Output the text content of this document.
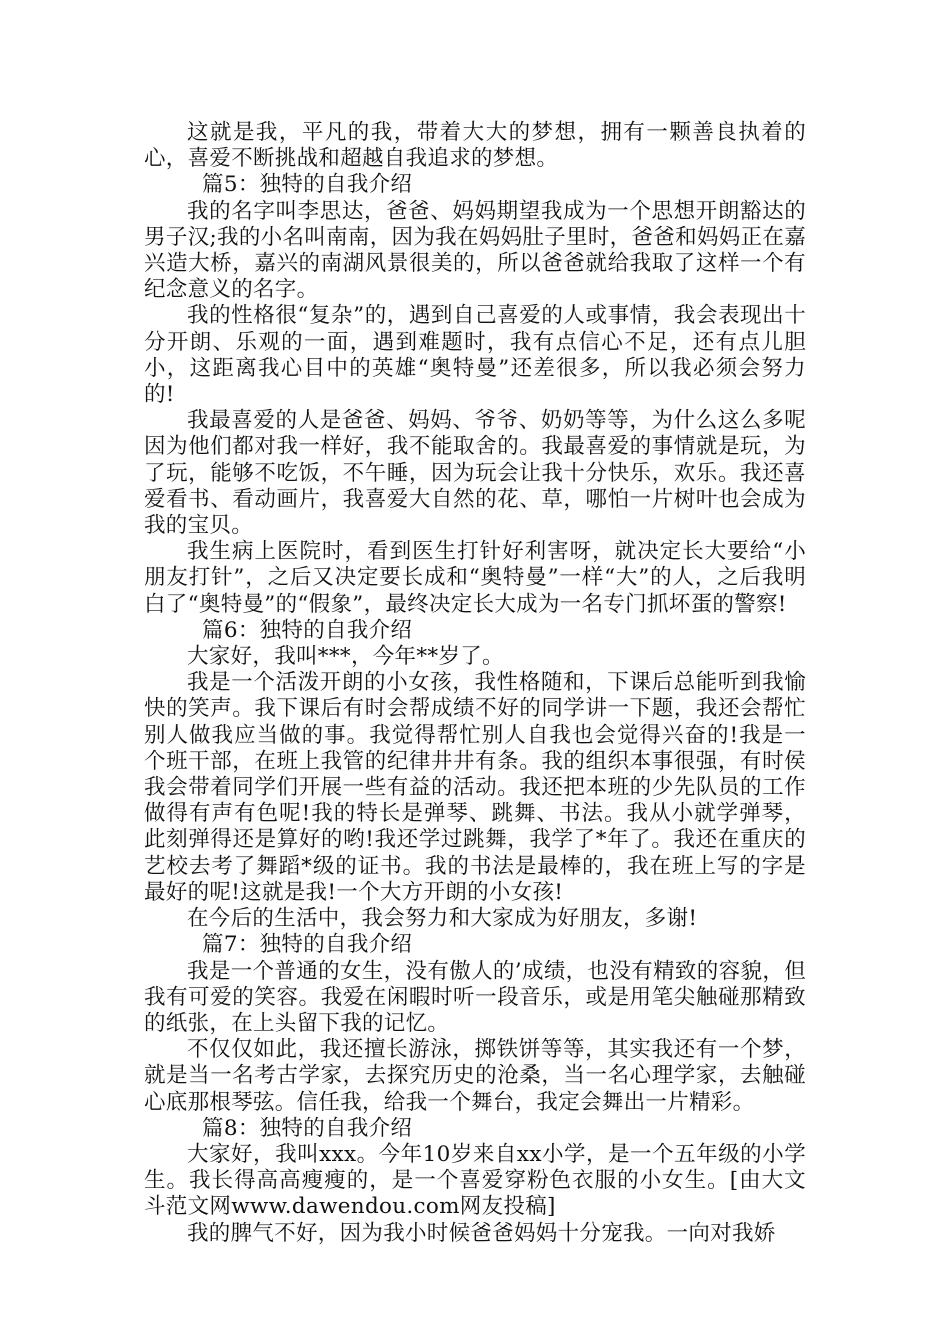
这就是我，平凡的我，带着大大的梦想，拥有一颗善良执着的心，喜爱不断挑战和超越自我追求的梦想。

篇5：独特的自我介绍

我的名字叫李思达，爸爸、妈妈期望我成为一个思想开朗豁达的男子汉;我的小名叫南南，因为我在妈妈肚子里时，爸爸和妈妈正在嘉兴造大桥，嘉兴的南湖风景很美的，所以爸爸就给我取了这样一个有纪念意义的名字。

我的性格很“复杂”的，遇到自己喜爱的人或事情，我会表现出十分开朗、乐观的一面，遇到难题时，我有点信心不足，还有点儿胆小，这距离我心目中的英雄“奥特曼”还差很多，所以我必须会努力的!

我最喜爱的人是爸爸、妈妈、爷爷、奶奶等等，为什么这么多呢因为他们都对我一样好，我不能取舍的。我最喜爱的事情就是玩，为了玩，能够不吃饭，不午睡，因为玩会让我十分快乐，欢乐。我还喜爱看书、看动画片，我喜爱大自然的花、草，哪怕一片树叶也会成为我的宝贝。

我生病上医院时，看到医生打针好利害呀，就决定长大要给“小朋友打针”，之后又决定要长成和“奥特曼”一样“大”的人，之后我明白了“奥特曼”的“假象”，最终决定长大成为一名专门抓坏蛋的警察!

篇6：独特的自我介绍

大家好，我叫***，今年**岁了。

我是一个活泼开朗的小女孩，我性格随和，下课后总能听到我愉快的笑声。我下课后有时会帮成绩不好的同学讲一下题，我还会帮忙别人做我应当做的事。我觉得帮忙别人自我也会觉得兴奋的!我是一个班干部，在班上我管的纪律井井有条。我的组织本事很强，有时侯我会带着同学们开展一些有益的活动。我还把本班的少先队员的工作做得有声有色呢!我的特长是弹琴、跳舞、书法。我从小就学弹琴，此刻弹得还是算好的哟!我还学过跳舞，我学了*年了。我还在重庆的艺校去考了舞蹈*级的证书。我的书法是最棒的，我在班上写的字是最好的呢!这就是我!一个大方开朗的小女孩!

在今后的生活中，我会努力和大家成为好朋友，多谢!

篇7：独特的自我介绍

我是一个普通的女生，没有傲人的’成绩，也没有精致的容貌，但我有可爱的笑容。我爱在闲暇时听一段音乐，或是用笔尖触碰那精致的纸张，在上头留下我的记忆。

不仅仅如此，我还擅长游泳，掷铁饼等等，其实我还有一个梦，就是当一名考古学家，去探究历史的沧桑，当一名心理学家，去触碰心底那根琴弦。信任我，给我一个舞台，我定会舞出一片精彩。

篇8：独特的自我介绍

大家好，我叫xxx。今年10岁来自xx小学，是一个五年级的小学生。我长得高高瘦瘦的，是一个喜爱穿粉色衣服的小女生。[由大文斗范文网www.dawendou.com网友投稿]

我的脾气不好，因为我小时候爸爸妈妈十分宠我。一向对我娇
